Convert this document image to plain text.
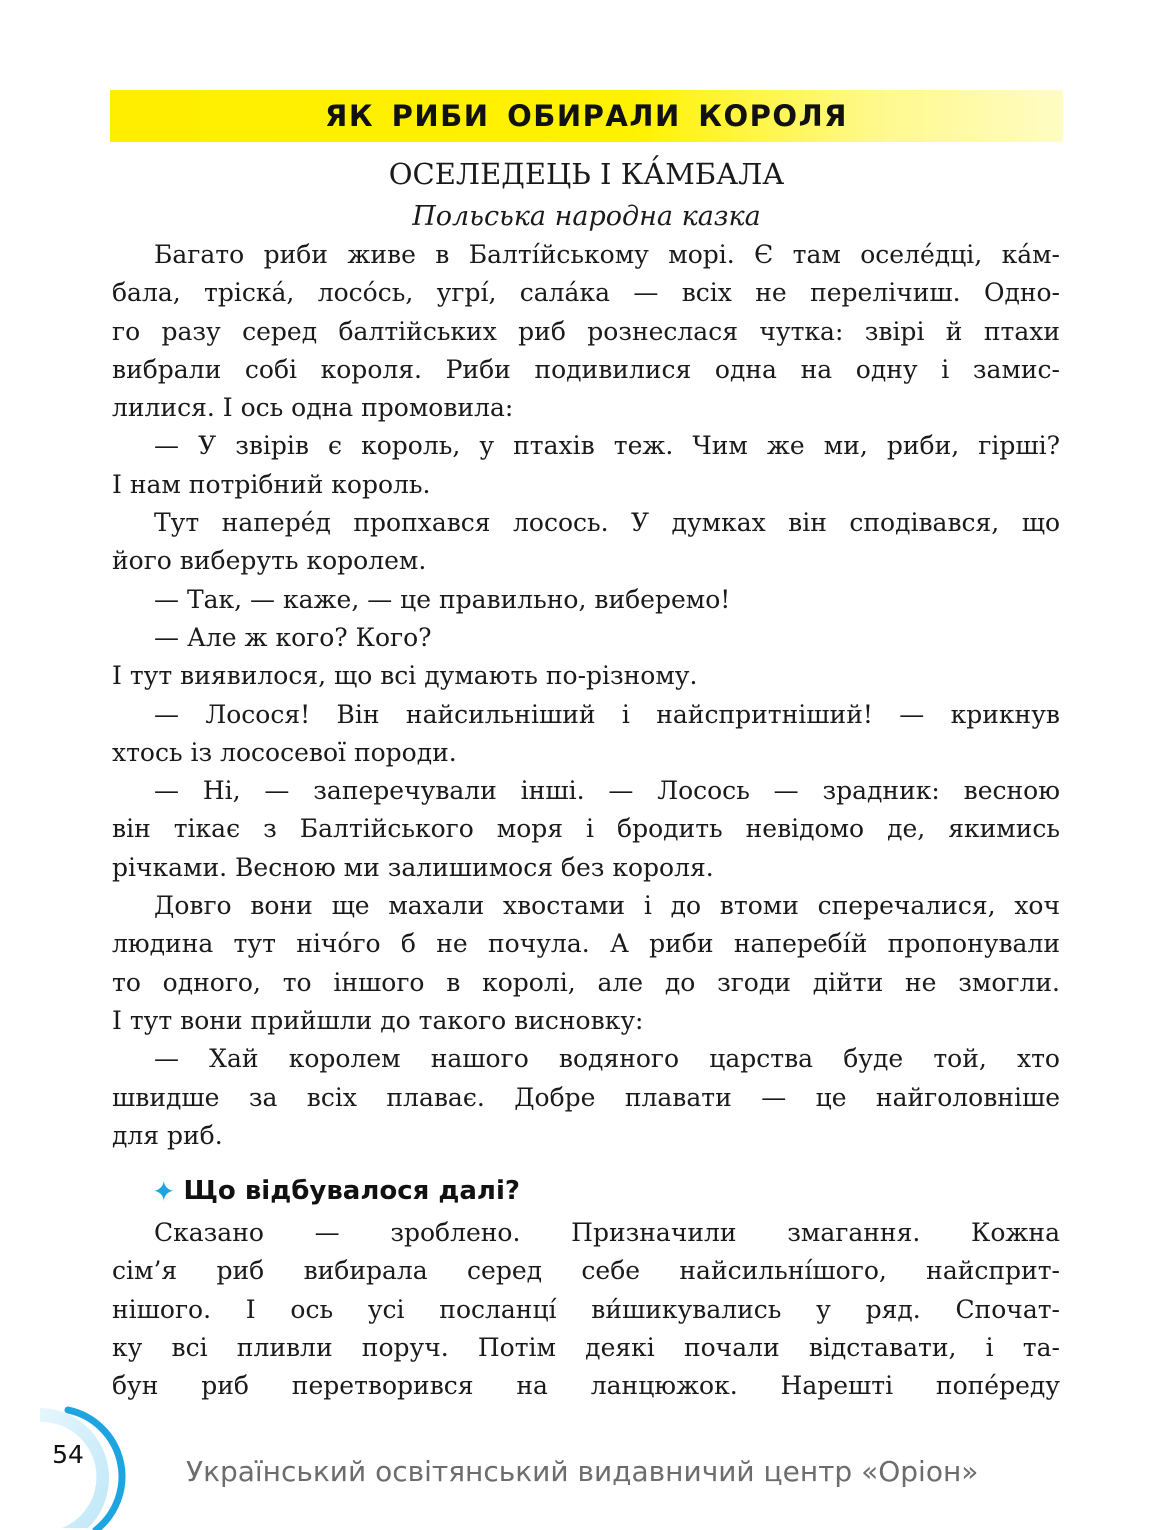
ЯК РИБИ ОБИРАЛИ КОРОЛЯ
ОСЕЛЕДЕЦЬ І КА́МБАЛА
Польська народна казка
Багато риби живе в Балті́йському морі. Є там оселе́дці, ка́м-
бала, тріска́, лосо́сь, угрі́, сала́ка — всіх не перелічиш. Одно-
го разу серед балтійських риб рознеслася чутка: звірі й птахи
вибрали собі короля. Риби подивилися одна на одну і замис-
лилися. І ось одна промовила:
— У звірів є король, у птахів теж. Чим же ми, риби, гірші?
І нам потрібний король.
Тут напере́д пропхався лосось. У думках він сподівався, що
його виберуть королем.
— Так, — каже, — це правильно, виберемо!
— Але ж кого? Кого?
І тут виявилося, що всі думають по-різному.
— Лосося! Він найсильніший і найспритніший! — крикнув
хтось із лососевої породи.
— Ні, — заперечували інші. — Лосось — зрадник: весною
він тікає з Балтійського моря і бродить невідомо де, якимись
річками. Весною ми залишимося без короля.
Довго вони ще махали хвостами і до втоми сперечалися, хоч
людина тут нічо́го б не почула. А риби наперебі́й пропонували
то одного, то іншого в королі, але до згоди дійти не змогли.
І тут вони прийшли до такого висновку:
— Хай королем нашого водяного царства буде той, хто
швидше за всіх плаває. Добре плавати — це найголовніше
для риб.
✦ Що відбувалося далі?
Сказано — зроблено. Призначили змагання. Кожна
сім’я риб вибирала серед себе найсильні́шого, найсприт-
нішого. І ось усі посланці́ ви́шикувались у ряд. Спочат-
ку всі пливли поруч. Потім деякі почали відставати, і та-
бун риб перетворився на ланцюжок. Нарешті попе́реду
54
Український освітянський видавничий центр «Оріон»
